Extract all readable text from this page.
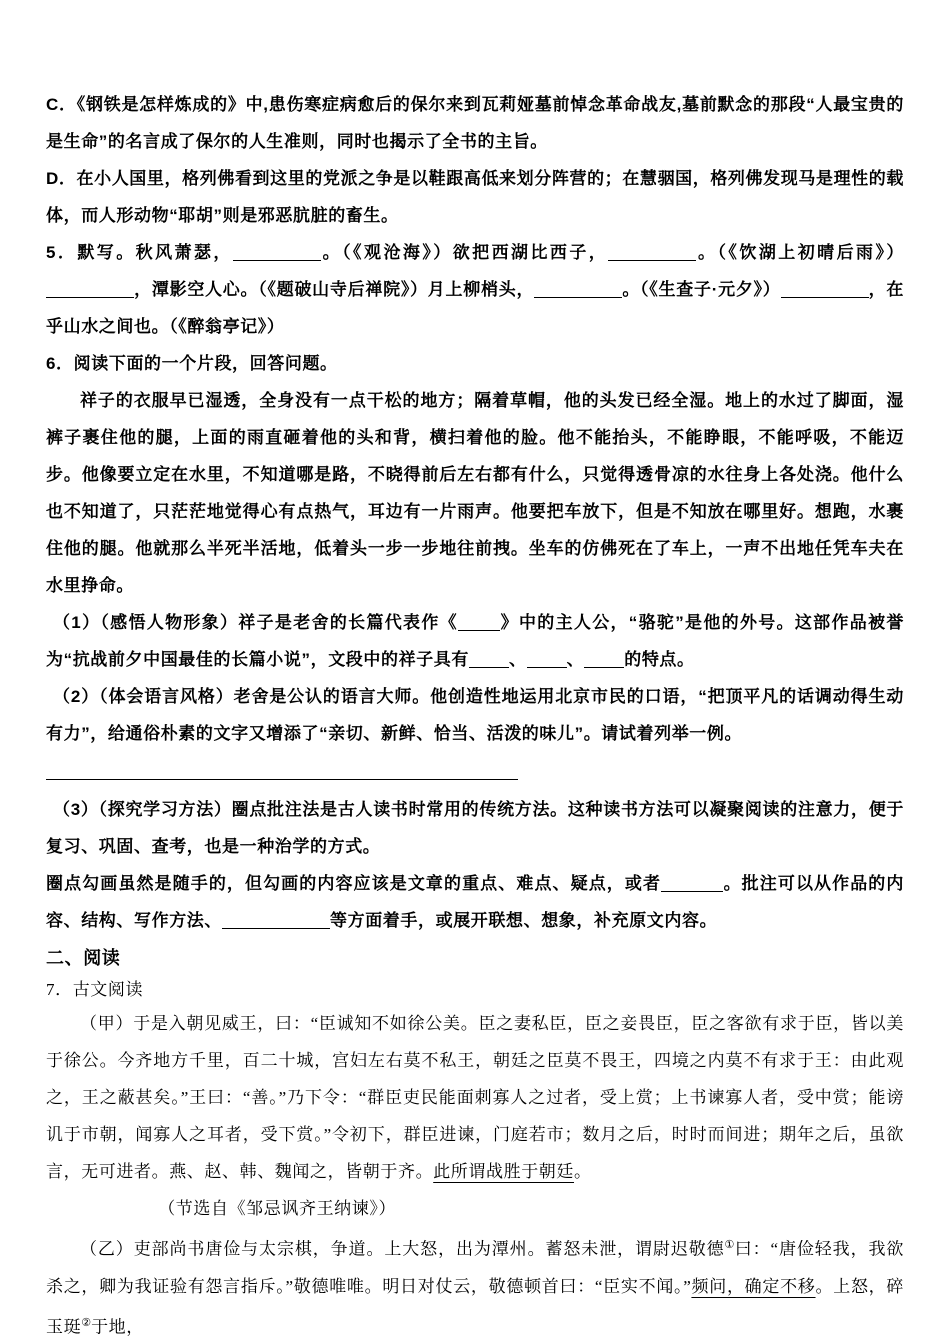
C．《钢铁是怎样炼成的》中,患伤寒症病愈后的保尔来到瓦莉娅墓前悼念革命战友,墓前默念的那段“人最宝贵的是生命”的名言成了保尔的人生准则，同时也揭示了全书的主旨。

D．在小人国里，格列佛看到这里的党派之争是以鞋跟高低来划分阵营的；在慧骃国，格列佛发现马是理性的载体，而人形动物“耶胡”则是邪恶肮脏的畜生。

5．默写。秋风萧瑟，	。（《观沧海》）欲把西湖比西子，	。（《饮湖上初晴后雨》），潭影空人心。（《题破山寺后禅院》）月上柳梢头，	。（《生查子·元夕》）	，在乎山水之间也。（《醉翁亭记》）

6．阅读下面的一个片段，回答问题。

祥子的衣服早已湿透，全身没有一点干松的地方；隔着草帽，他的头发已经全湿。地上的水过了脚面，湿裤子裹住他的腿，上面的雨直砸着他的头和背，横扫着他的脸。他不能抬头，不能睁眼，不能呼吸，不能迈步。他像要立定在水里，不知道哪是路，不晓得前后左右都有什么，只觉得透骨凉的水往身上各处浇。他什么也不知道了，只茫茫地觉得心有点热气，耳边有一片雨声。他要把车放下，但是不知放在哪里好。想跑，水裹住他的腿。他就那么半死半活地，低着头一步一步地往前拽。坐车的仿佛死在了车上，一声不出地任凭车夫在水里挣命。

（1）（感悟人物形象）祥子是老舍的长篇代表作《 》中的主人公，“骆驼”是他的外号。这部作品被誉为“抗战前夕中国最佳的长篇小说”，文段中的祥子具有 、 、 的特点。

（2）（体会语言风格）老舍是公认的语言大师。他创造性地运用北京市民的口语，“把顶平凡的话调动得生动有力”，给通俗朴素的文字又增添了“亲切、新鲜、恰当、活泼的味儿”。请试着列举一例。

（3）（探究学习方法）圈点批注法是古人读书时常用的传统方法。这种读书方法可以凝聚阅读的注意力，便于复习、巩固、查考，也是一种治学的方式。

圈点勾画虽然是随手的，但勾画的内容应该是文章的重点、难点、疑点，或者	。批注可以从作品的内容、结构、写作方法、	等方面着手，或展开联想、想象，补充原文内容。

二、阅读

7．古文阅读

（甲）于是入朝见威王，曰：“臣诚知不如徐公美。臣之妻私臣，臣之妾畏臣，臣之客欲有求于臣，皆以美于徐公。今齐地方千里，百二十城，宫妇左右莫不私王，朝廷之臣莫不畏王，四境之内莫不有求于王：由此观之，王之蔽甚矣。”王曰：“善。”乃下令：“群臣吏民能面刺寡人之过者，受上赏；上书谏寡人者，受中赏；能谤讥于市朝，闻寡人之耳者，受下赏。”令初下，群臣进谏，门庭若市；数月之后，时时而间进；期年之后，虽欲言，无可进者。燕、赵、韩、魏闻之，皆朝于齐。此所谓战胜于朝廷。

（节选自《邹忌讽齐王纳谏》）

（乙）吏部尚书唐俭与太宗棋，争道。上大怒，出为潭州。蓄怒未泄，谓尉迟敬德①曰：“唐俭轻我，我欲杀之，卿为我证验有怨言指斥。”敬德唯唯。明日对仗云，敬德顿首曰：“臣实不闻。”频问，确定不移。上怒，碎玉珽②于地，
